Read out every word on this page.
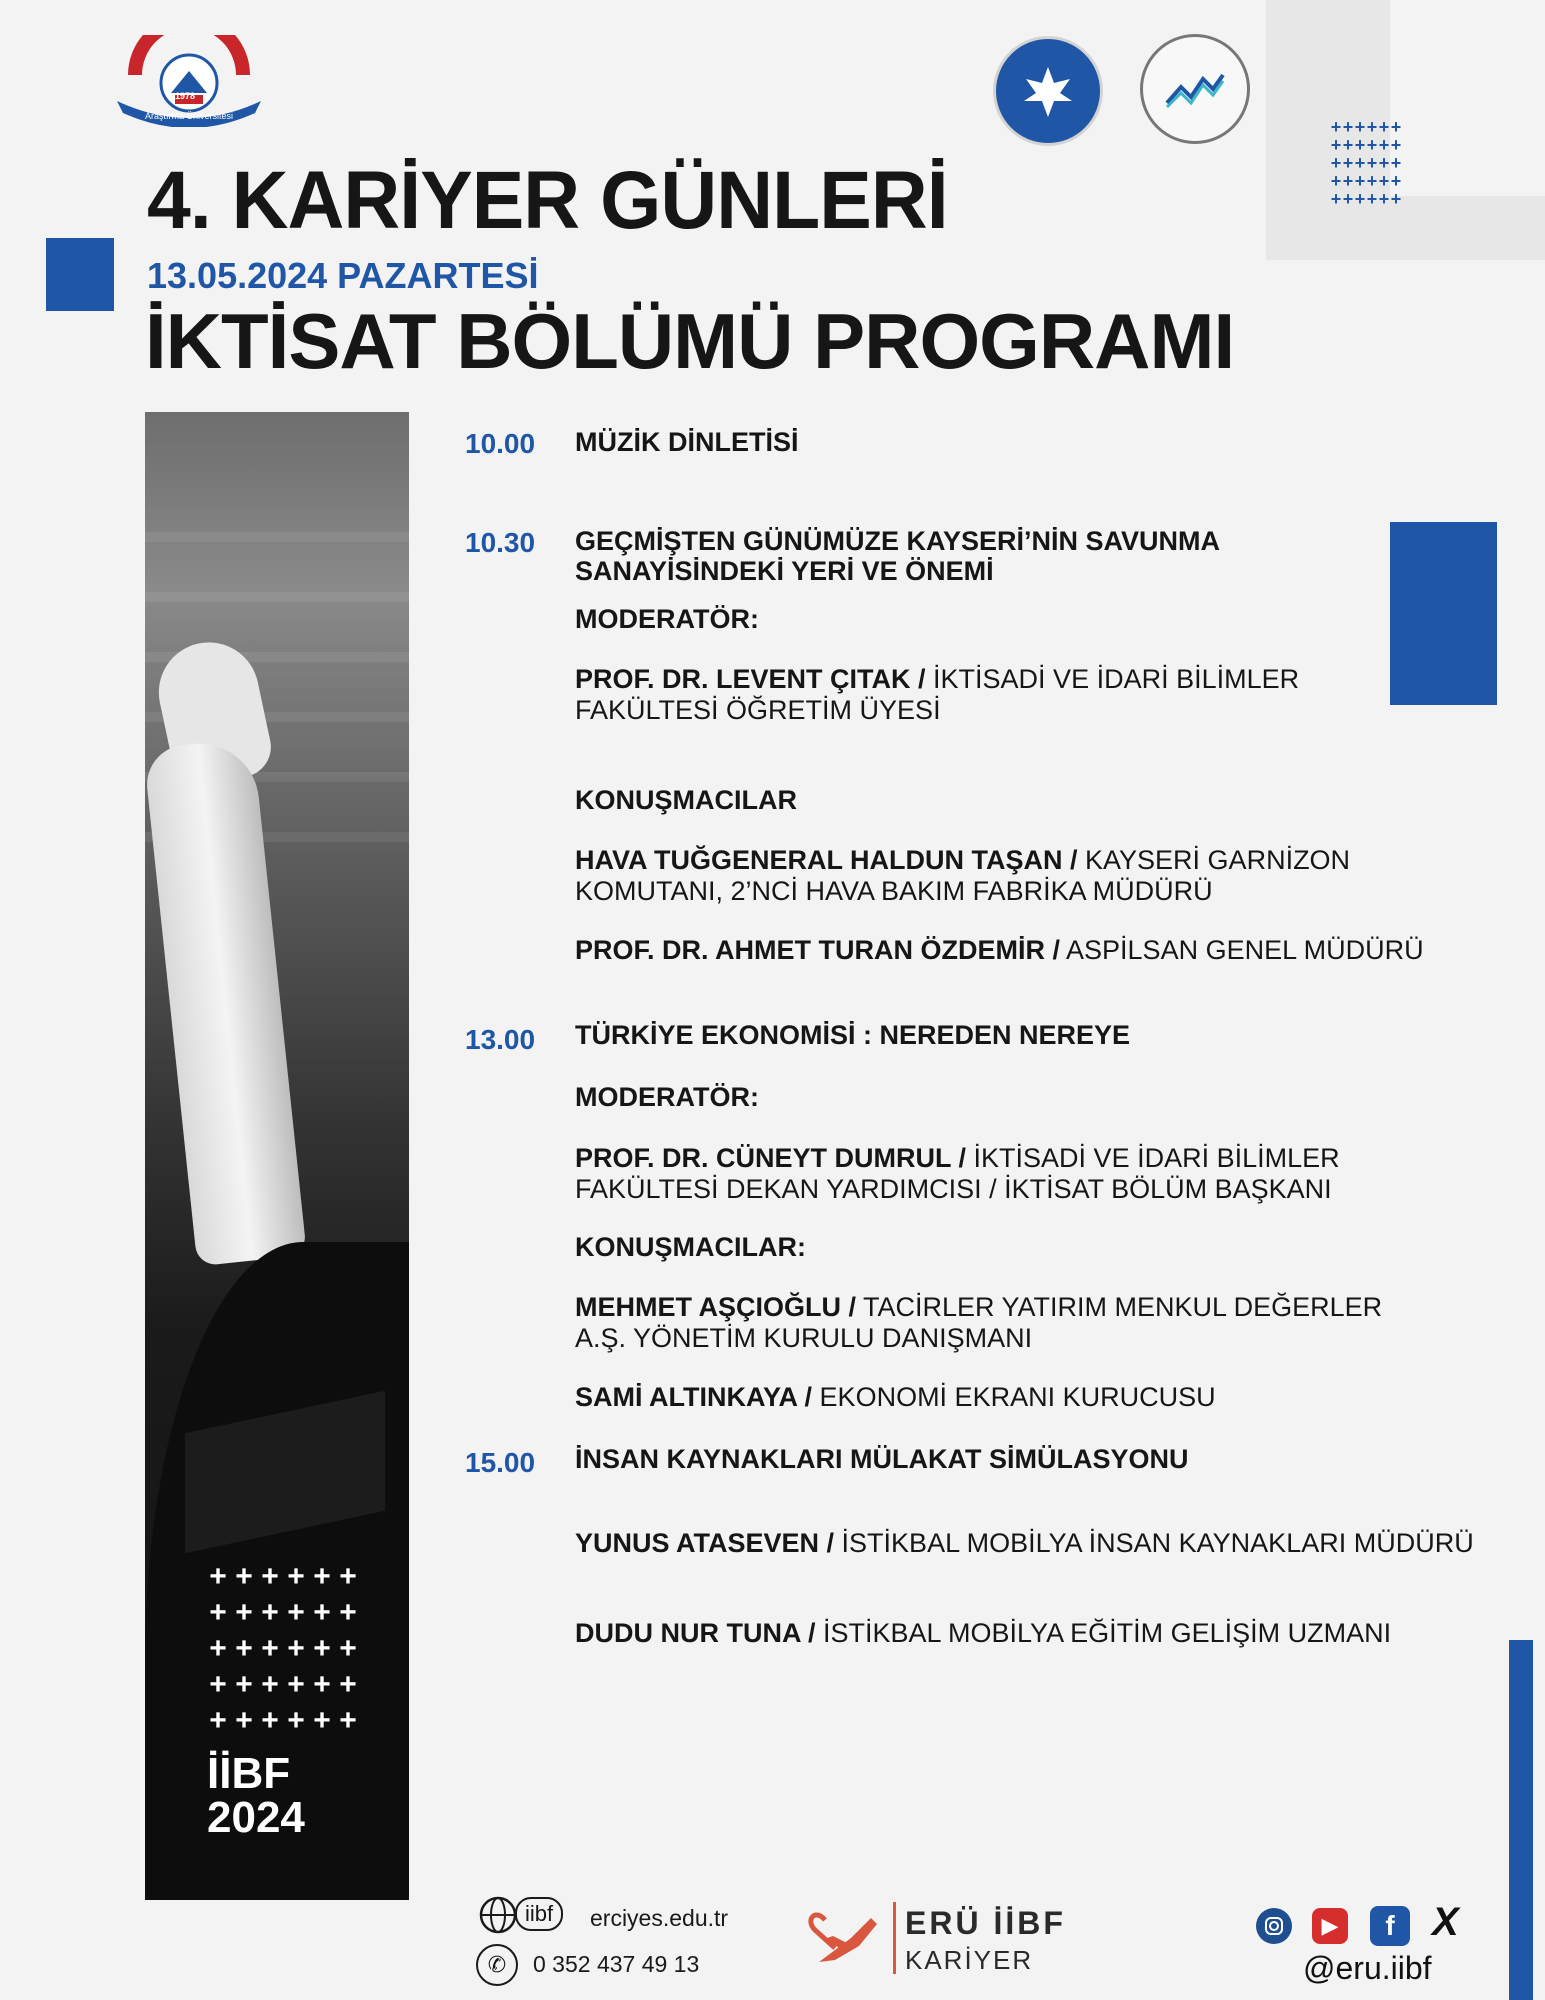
+ + + + + +
+ + + + + +
+ + + + + +
+ + + + + +
+ + + + + +
1978
Araştırma Üniversitesi
4. KARİYER GÜNLERİ
13.05.2024 PAZARTESİ
İKTİSAT BÖLÜMÜ PROGRAMI
+ + + + + +
+ + + + + +
+ + + + + +
+ + + + + +
+ + + + + +
İİBF
2024
10.00 MÜZİK DİNLETİSİ
10.30 GEÇMİŞTEN GÜNÜMÜZE KAYSERİ’NİN SAVUNMA
SANAYİSİNDEKİ YERİ VE ÖNEMİ
MODERATÖR:
PROF. DR. LEVENT ÇITAK / İKTİSADİ VE İDARİ BİLİMLER
FAKÜLTESİ ÖĞRETİM ÜYESİ
KONUŞMACILAR
HAVA TUĞGENERAL HALDUN TAŞAN / KAYSERİ GARNİZON
KOMUTANI, 2’NCİ HAVA BAKIM FABRİKA MÜDÜRÜ
PROF. DR. AHMET TURAN ÖZDEMİR / ASPİLSAN GENEL MÜDÜRÜ
13.00 TÜRKİYE EKONOMİSİ : NEREDEN NEREYE
MODERATÖR:
PROF. DR. CÜNEYT DUMRUL / İKTİSADİ VE İDARİ BİLİMLER
FAKÜLTESİ DEKAN YARDIMCISI / İKTİSAT BÖLÜM BAŞKANI
KONUŞMACILAR:
MEHMET AŞÇIOĞLU / TACİRLER YATIRIM MENKUL DEĞERLER
A.Ş. YÖNETİM KURULU DANIŞMANI
SAMİ ALTINKAYA / EKONOMİ EKRANI KURUCUSU
15.00 İNSAN KAYNAKLARI MÜLAKAT SİMÜLASYONU
YUNUS ATASEVEN / İSTİKBAL MOBİLYA İNSAN KAYNAKLARI MÜDÜRÜ
DUDU NUR TUNA / İSTİKBAL MOBİLYA EĞİTİM GELİŞİM UZMANI
iibf	erciyes.edu.tr
✆	0 352 437 49 13
ERÜ İİBF
KARİYER
▶	f X
@eru.iibf
